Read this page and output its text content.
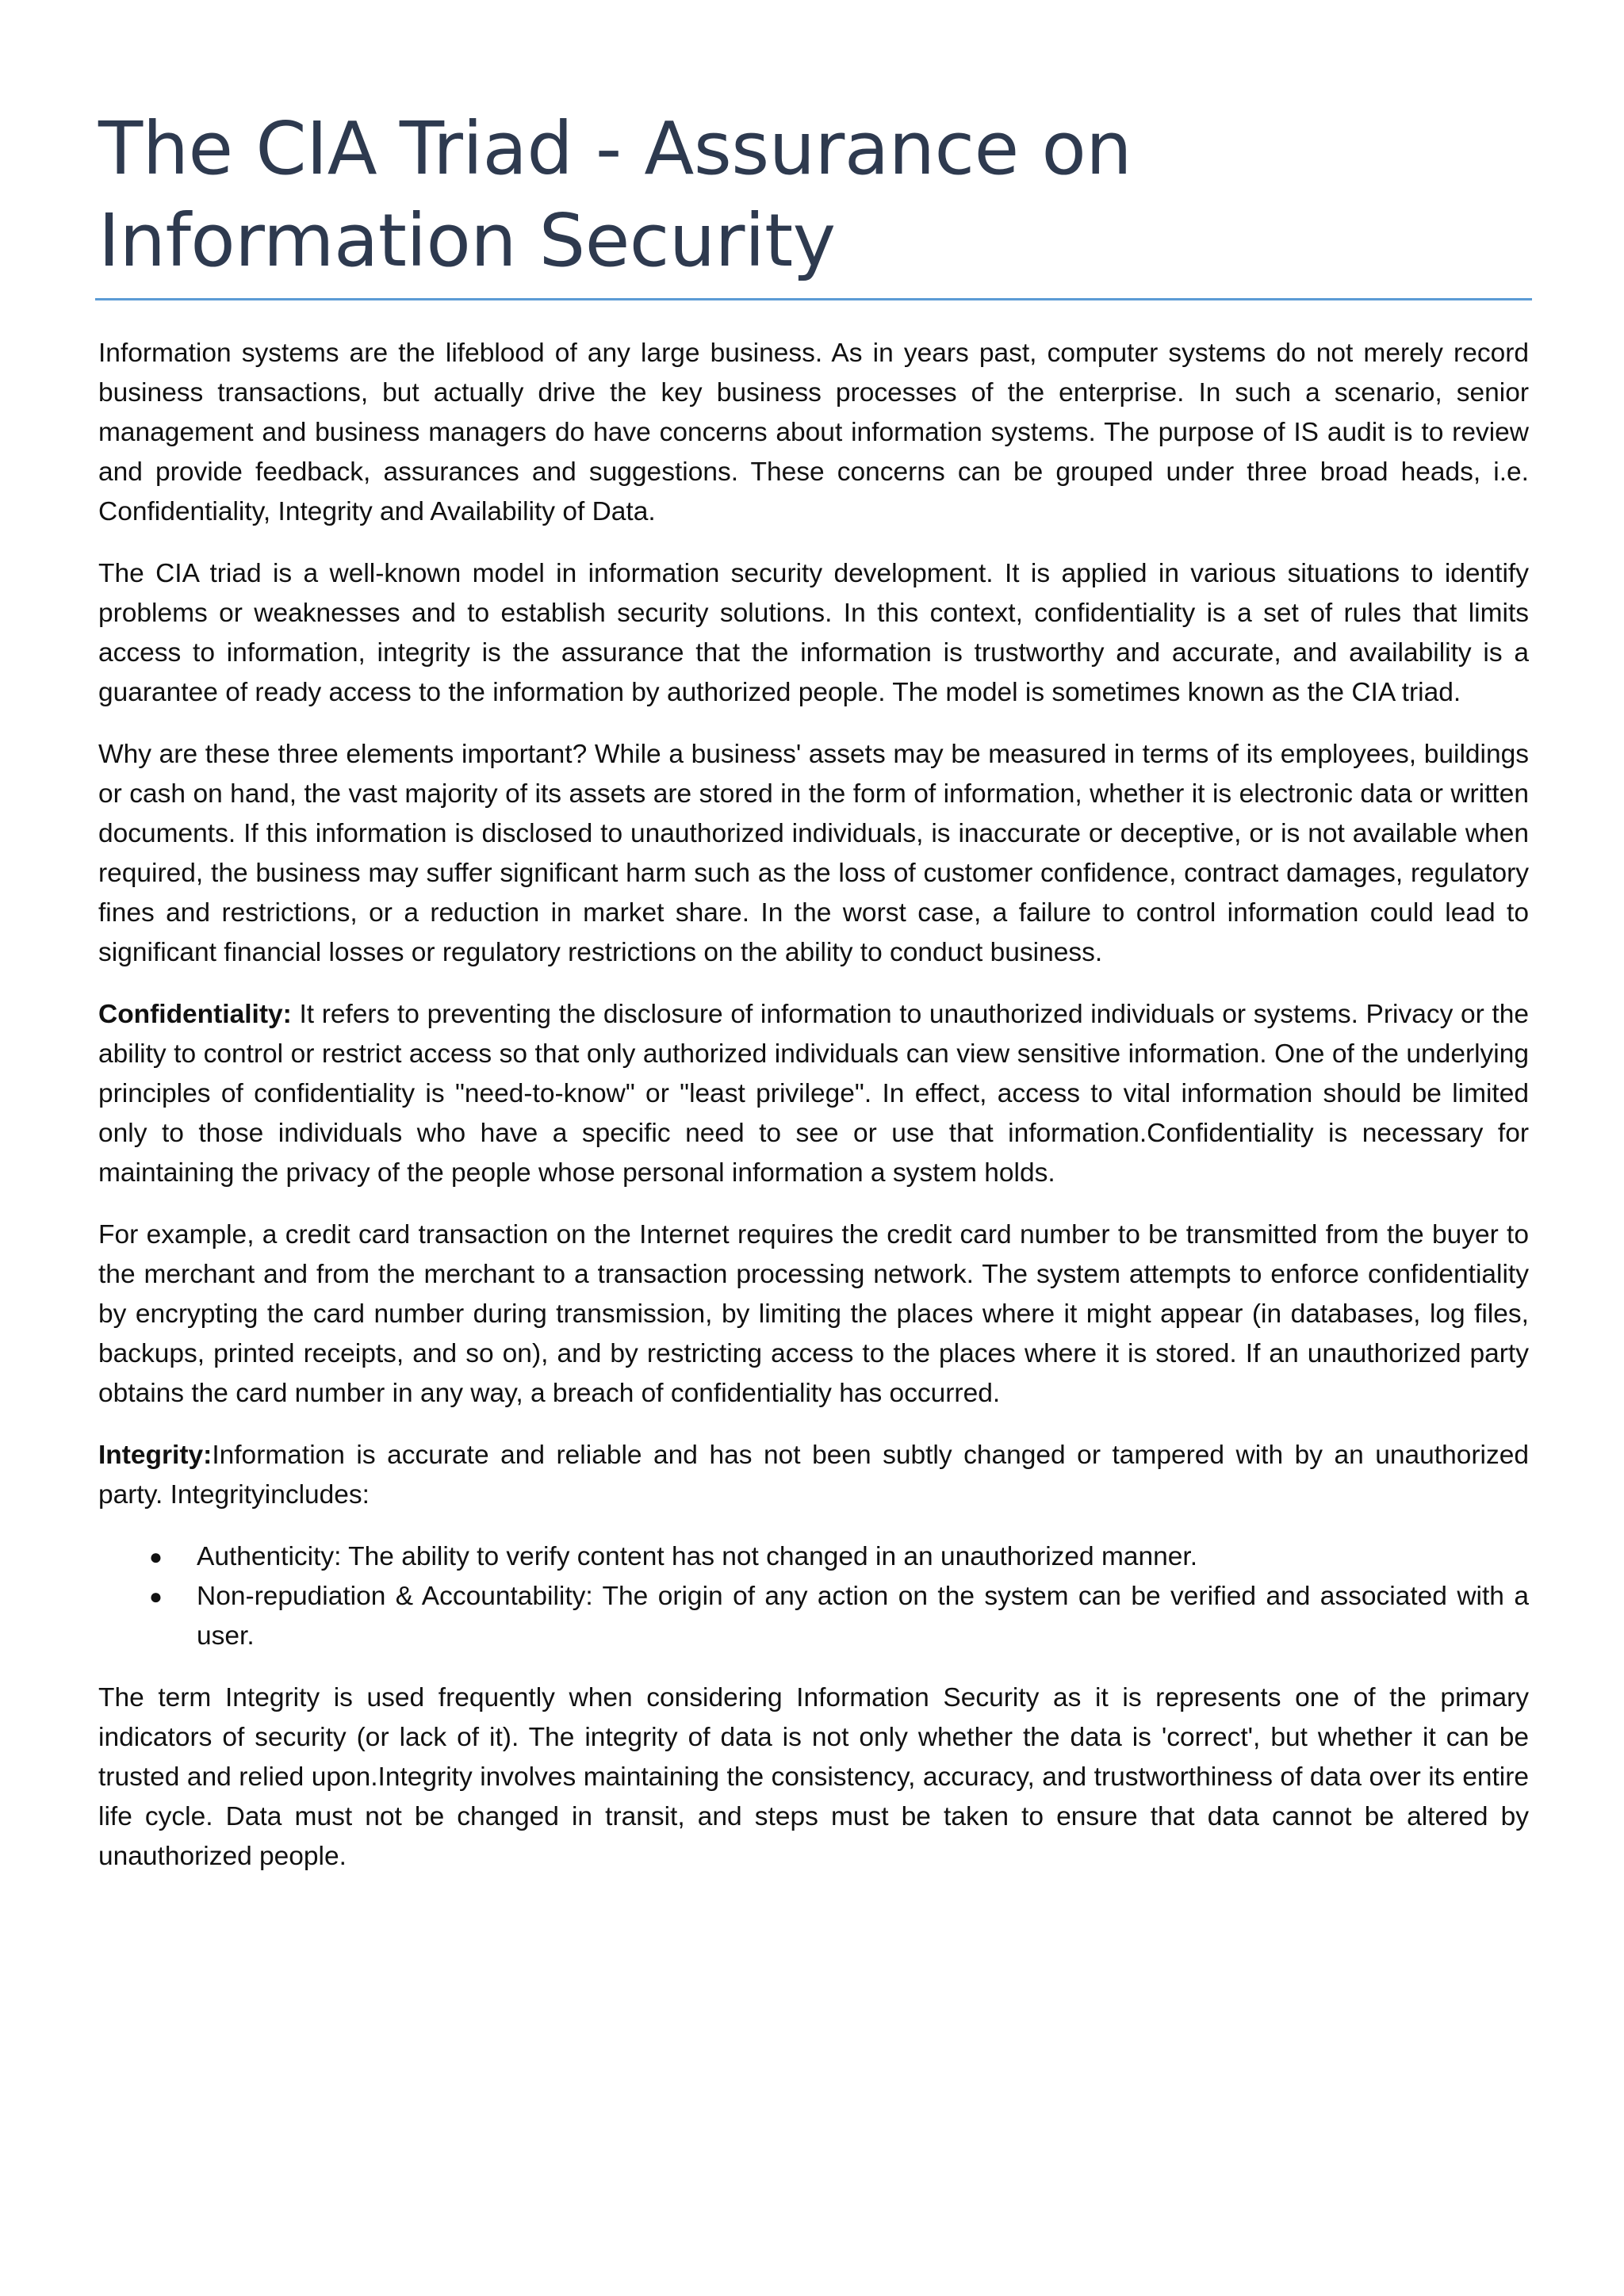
The CIA Triad - Assurance on Information Security

Information systems are the lifeblood of any large business. As in years past, computer systems do not merely record business transactions, but actually drive the key business processes of the enterprise. In such a scenario, senior management and business managers do have concerns about information systems. The purpose of IS audit is to review and provide feedback, assurances and suggestions. These concerns can be grouped under three broad heads, i.e. Confidentiality, Integrity and Availability of Data.

The CIA triad is a well-known model in information security development. It is applied in various situations to identify problems or weaknesses and to establish security solutions. In this context, confidentiality is a set of rules that limits access to information, integrity is the assurance that the information is trustworthy and accurate, and availability is a guarantee of ready access to the information by authorized people. The model is sometimes known as the CIA triad.

Why are these three elements important? While a business' assets may be measured in terms of its employees, buildings or cash on hand, the vast majority of its assets are stored in the form of information, whether it is electronic data or written documents. If this information is disclosed to unauthorized individuals, is inaccurate or deceptive, or is not available when required, the business may suffer significant harm such as the loss of customer confidence, contract damages, regulatory fines and restrictions, or a reduction in market share. In the worst case, a failure to control information could lead to significant financial losses or regulatory restrictions on the ability to conduct business.

Confidentiality: It refers to preventing the disclosure of information to unauthorized individuals or systems. Privacy or the ability to control or restrict access so that only authorized individuals can view sensitive information. One of the underlying principles of confidentiality is "need-to-know" or "least privilege". In effect, access to vital information should be limited only to those individuals who have a specific need to see or use that information.Confidentiality is necessary for maintaining the privacy of the people whose personal information a system holds.

For example, a credit card transaction on the Internet requires the credit card number to be transmitted from the buyer to the merchant and from the merchant to a transaction processing network. The system attempts to enforce confidentiality by encrypting the card number during transmission, by limiting the places where it might appear (in databases, log files, backups, printed receipts, and so on), and by restricting access to the places where it is stored. If an unauthorized party obtains the card number in any way, a breach of confidentiality has occurred.

Integrity:Information is accurate and reliable and has not been subtly changed or tampered with by an unauthorized party. Integrityincludes:

● Authenticity: The ability to verify content has not changed in an unauthorized manner.
● Non-repudiation & Accountability: The origin of any action on the system can be verified and associated with a user.

The term Integrity is used frequently when considering Information Security as it is represents one of the primary indicators of security (or lack of it). The integrity of data is not only whether the data is 'correct', but whether it can be trusted and relied upon.Integrity involves maintaining the consistency, accuracy, and trustworthiness of data over its entire life cycle. Data must not be changed in transit, and steps must be taken to ensure that data cannot be altered by unauthorized people.
